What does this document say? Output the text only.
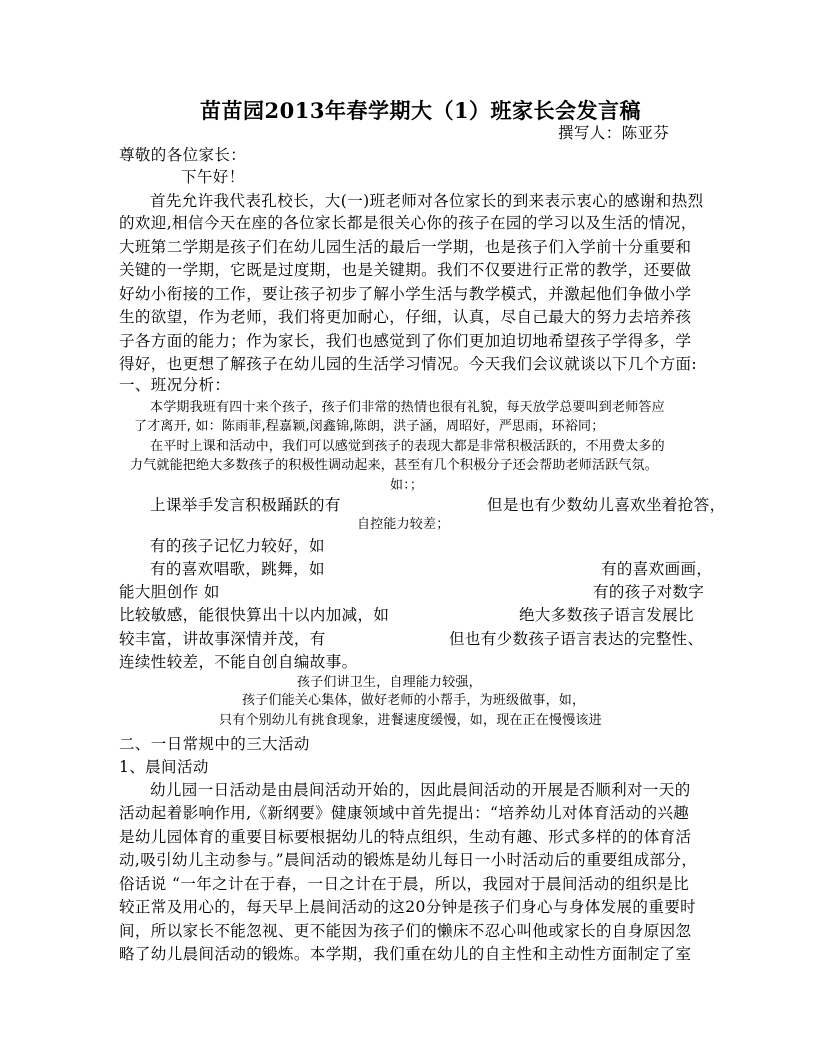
苗苗园2013年春学期大（1）班家长会发言稿
撰写人：陈亚芬
尊敬的各位家长：
下午好！
首先允许我代表孔校长，大(一)班老师对各位家长的到来表示衷心的感谢和热烈
的欢迎,相信今天在座的各位家长都是很关心你的孩子在园的学习以及生活的情况，
大班第二学期是孩子们在幼儿园生活的最后一学期，也是孩子们入学前十分重要和
关键的一学期，它既是过度期，也是关键期。我们不仅要进行正常的教学，还要做
好幼小衔接的工作，要让孩子初步了解小学生活与教学模式，并激起他们争做小学
生的欲望，作为老师，我们将更加耐心，仔细，认真，尽自己最大的努力去培养孩
子各方面的能力；作为家长，我们也感觉到了你们更加迫切地希望孩子学得多，学
得好，也更想了解孩子在幼儿园的生活学习情况。今天我们会议就谈以下几个方面:
一、班况分析：
本学期我班有四十来个孩子，孩子们非常的热情也很有礼貌，每天放学总要叫到老师答应
了才离开, 如：陈雨菲,程嘉颖,闵鑫锦,陈朗，洪子涵，周昭好，严思雨，环裕同；
在平时上课和活动中，我们可以感觉到孩子的表现大都是非常积极活跃的，不用费太多的
力气就能把绝大多数孩子的积极性调动起来，甚至有几个积极分子还会帮助老师活跃气氛。
如：；
上课举手发言积极踊跃的有	但是也有少数幼儿喜欢坐着抢答，
自控能力较差；
有的孩子记忆力较好，如
有的喜欢唱歌，跳舞，如	有的喜欢画画，
能大胆创作 如	有的孩子对数字
比较敏感，能很快算出十以内加减，如	绝大多数孩子语言发展比
较丰富，讲故事深情并茂，有	但也有少数孩子语言表达的完整性、
连续性较差，不能自创自编故事。
孩子们讲卫生，自理能力较强，
孩子们能关心集体，做好老师的小帮手，为班级做事，如，
只有个别幼儿有挑食现象，进餐速度缓慢，如，现在正在慢慢该进
二、一日常规中的三大活动
1、晨间活动
幼儿园一日活动是由晨间活动开始的，因此晨间活动的开展是否顺利对一天的
活动起着影响作用,《新纲要》健康领域中首先提出：“培养幼儿对体育活动的兴趣
是幼儿园体育的重要目标要根据幼儿的特点组织，生动有趣、形式多样的的体育活
动,吸引幼儿主动参与。”晨间活动的锻炼是幼儿每日一小时活动后的重要组成部分，
俗话说 “一年之计在于春，一日之计在于晨，所以，我园对于晨间活动的组织是比
较正常及用心的，每天早上晨间活动的这20分钟是孩子们身心与身体发展的重要时
间，所以家长不能忽视、更不能因为孩子们的懒床不忍心叫他或家长的自身原因忽
略了幼儿晨间活动的锻炼。本学期，我们重在幼儿的自主性和主动性方面制定了室
